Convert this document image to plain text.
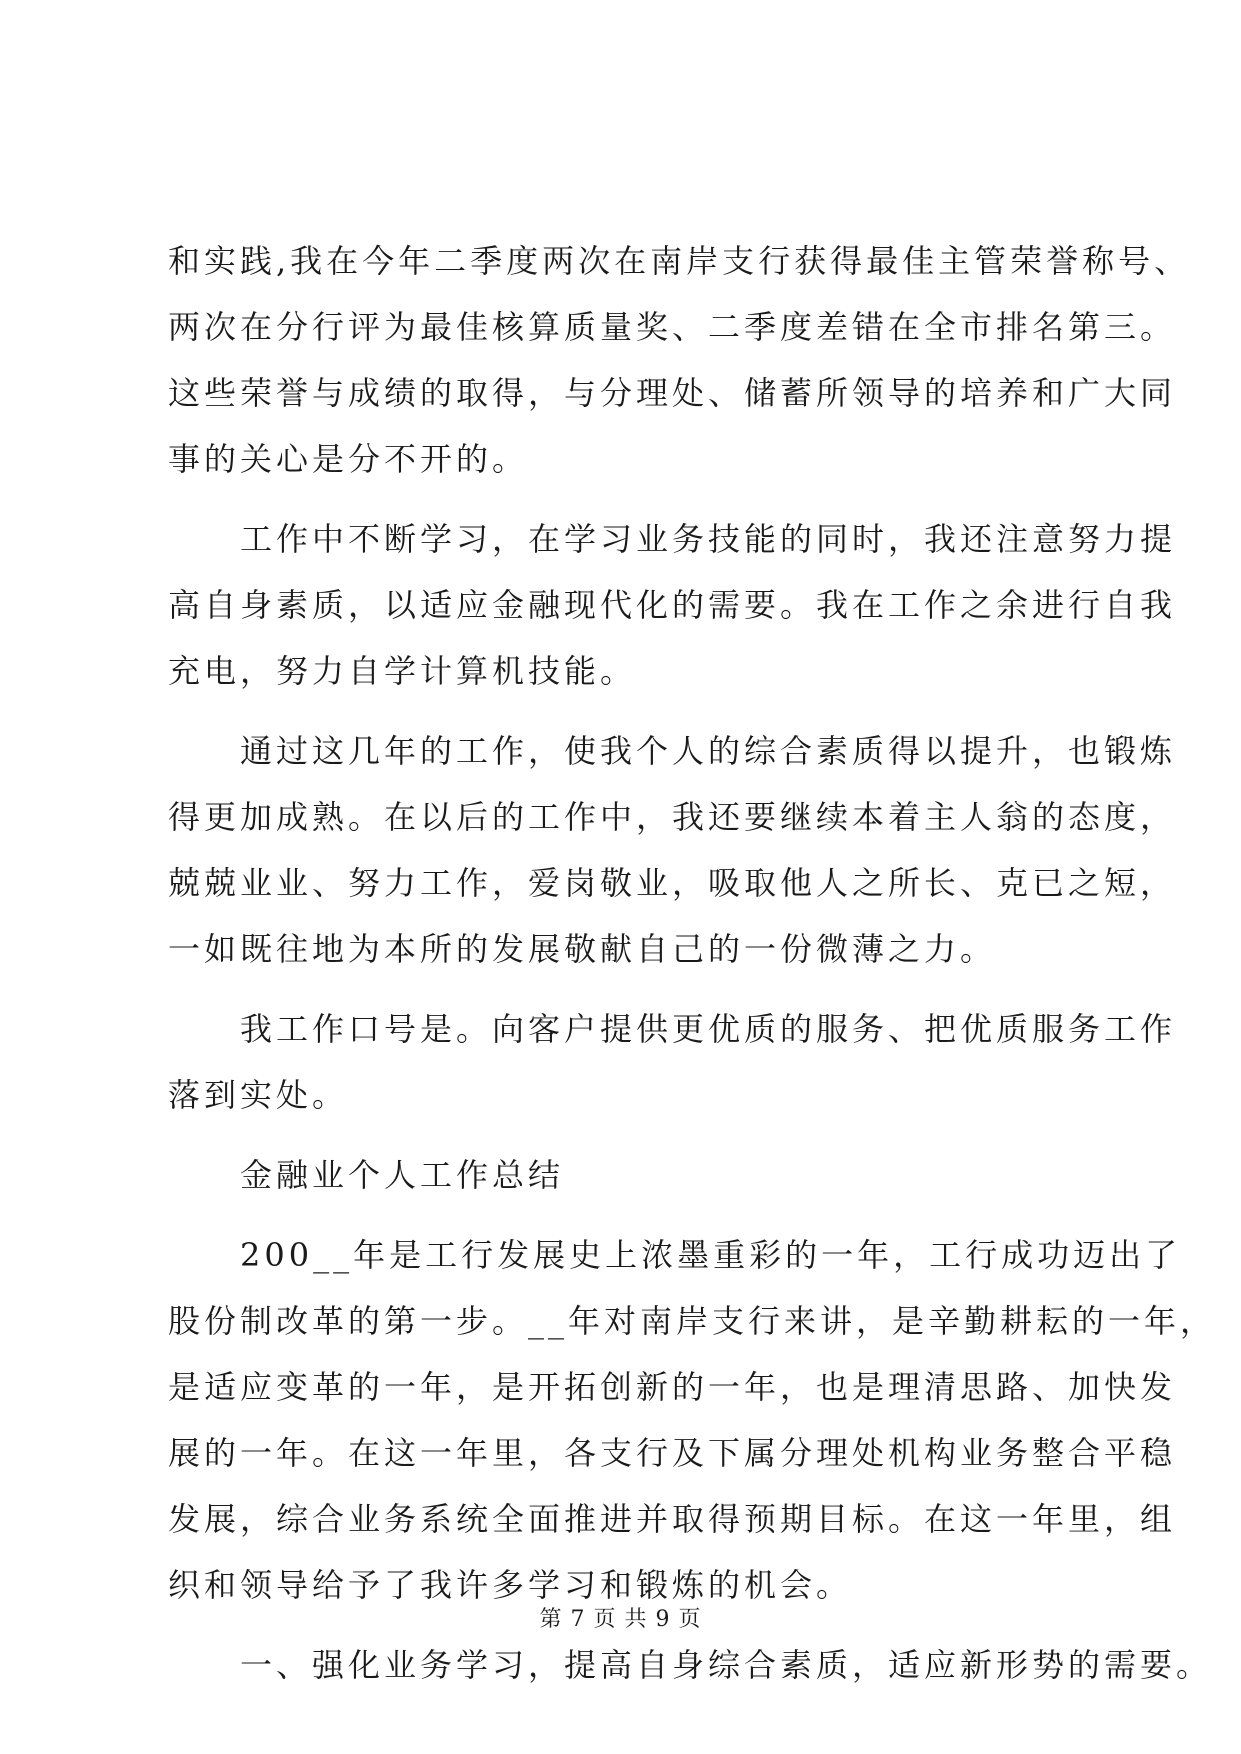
和实践,我在今年二季度两次在南岸支行获得最佳主管荣誉称号、
两次在分行评为最佳核算质量奖、二季度差错在全市排名第三。
这些荣誉与成绩的取得，与分理处、储蓄所领导的培养和广大同
事的关心是分不开的。
　　工作中不断学习，在学习业务技能的同时，我还注意努力提
高自身素质，以适应金融现代化的需要。我在工作之余进行自我
充电，努力自学计算机技能。
　　通过这几年的工作，使我个人的综合素质得以提升，也锻炼
得更加成熟。在以后的工作中，我还要继续本着主人翁的态度，
兢兢业业、努力工作，爱岗敬业，吸取他人之所长、克已之短，
一如既往地为本所的发展敬献自己的一份微薄之力。
　　我工作口号是。向客户提供更优质的服务、把优质服务工作
落到实处。
　　金融业个人工作总结
　　200__年是工行发展史上浓墨重彩的一年，工行成功迈出了
股份制改革的第一步。__年对南岸支行来讲，是辛勤耕耘的一年，
是适应变革的一年，是开拓创新的一年，也是理清思路、加快发
展的一年。在这一年里，各支行及下属分理处机构业务整合平稳
发展，综合业务系统全面推进并取得预期目标。在这一年里，组
织和领导给予了我许多学习和锻炼的机会。
　　一、强化业务学习，提高自身综合素质，适应新形势的需要。
第 7 页 共 9 页
